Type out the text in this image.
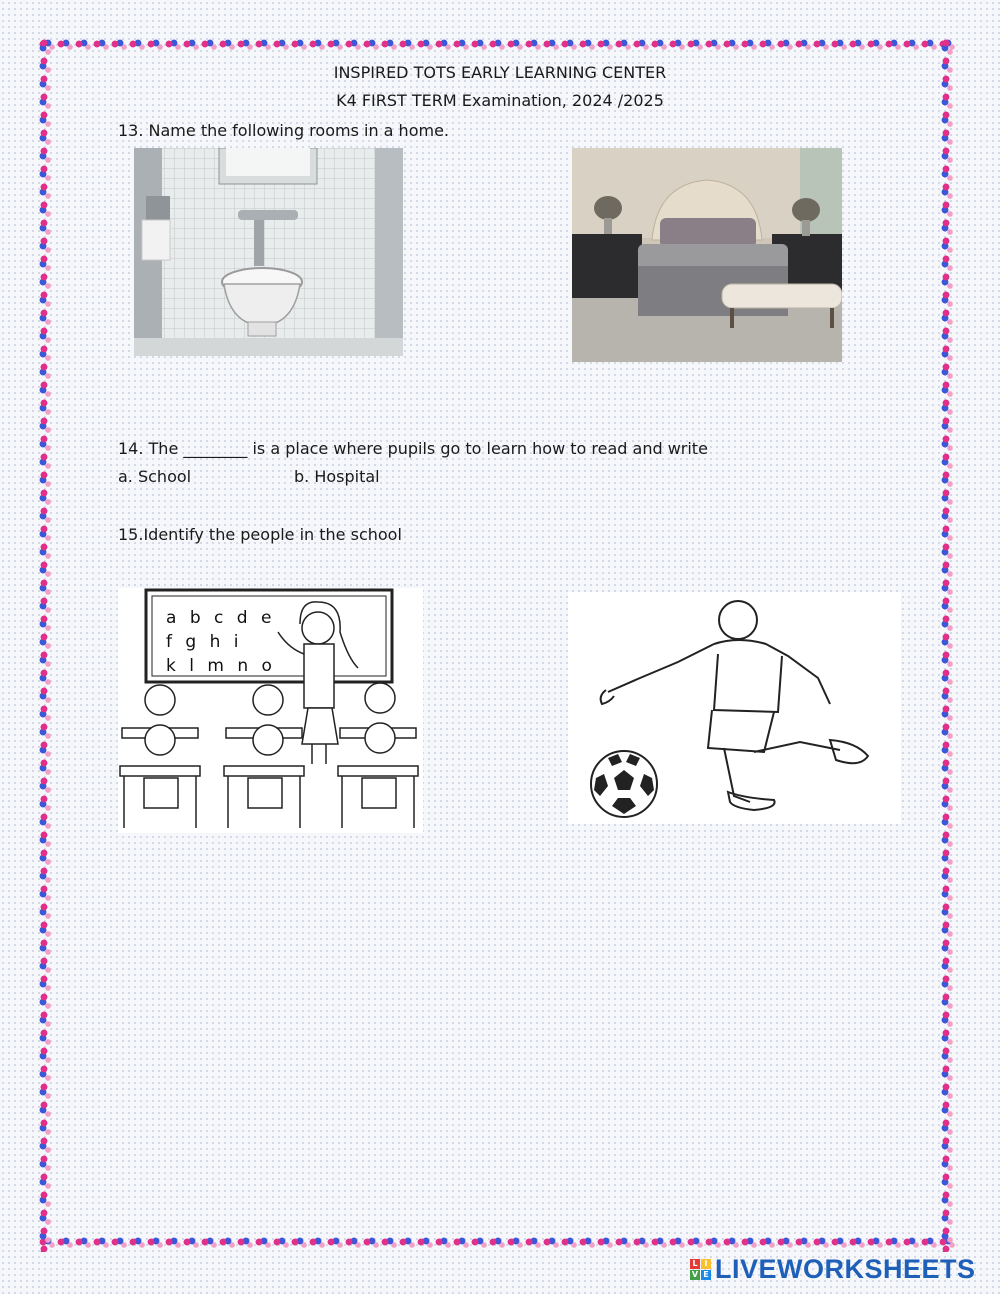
INSPIRED TOTS EARLY LEARNING CENTER
K4 FIRST TERM Examination, 2024 /2025
13. Name the following rooms in a home.
14. The ________ is a place where pupils go to learn how to read and write
a. School	b. Hospital
15.Identify the people in the school
a b c d e
f g h i
k l m n o
L I
V E LIVEWORKSHEETS
